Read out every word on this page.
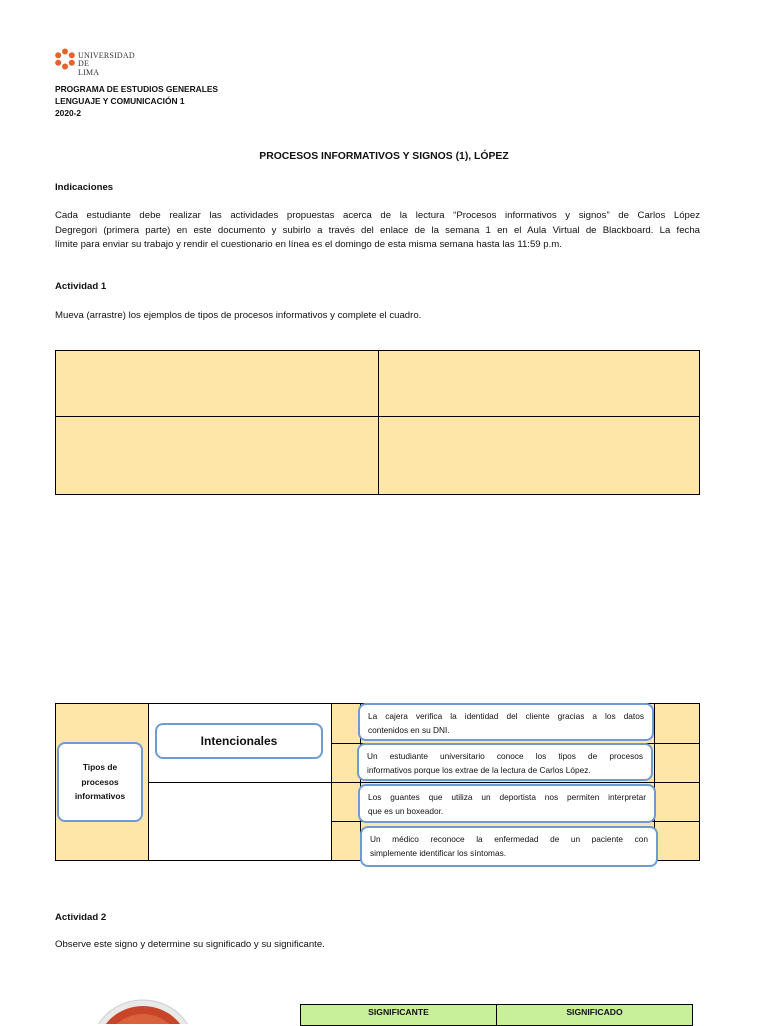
UNIVERSIDAD
DE LIMA
PROGRAMA DE ESTUDIOS GENERALES
LENGUAJE Y COMUNICACIÓN 1
2020-2
PROCESOS INFORMATIVOS Y SIGNOS (1), LÓPEZ
Indicaciones
Cada estudiante debe realizar las actividades propuestas acerca de la lectura “Procesos informativos y signos” de Carlos López
Degregori (primera parte) en este documento y subirlo a través del enlace de la semana 1 en el Aula Virtual de Blackboard. La fecha
límite para enviar su trabajo y rendir el cuestionario en línea es el domingo de esta misma semana hasta las 11:59 p.m.
Actividad 1
Mueva (arrastre) los ejemplos de tipos de procesos informativos y complete el cuadro.
Tipos de
procesos
informativos
Intencionales
La cajera verifica la identidad del cliente gracias a los datos
contenidos en su DNI.
Un estudiante universitario conoce los tipos de procesos
informativos porque los extrae de la lectura de Carlos López.
Los guantes que utiliza un deportista nos permiten interpretar
que es un boxeador.
Un médico reconoce la enfermedad de un paciente con
simplemente identificar los síntomas.
Actividad 2
Observe este signo y determine su significado y su significante.
SIGNIFICANTE	SIGNIFICADO
